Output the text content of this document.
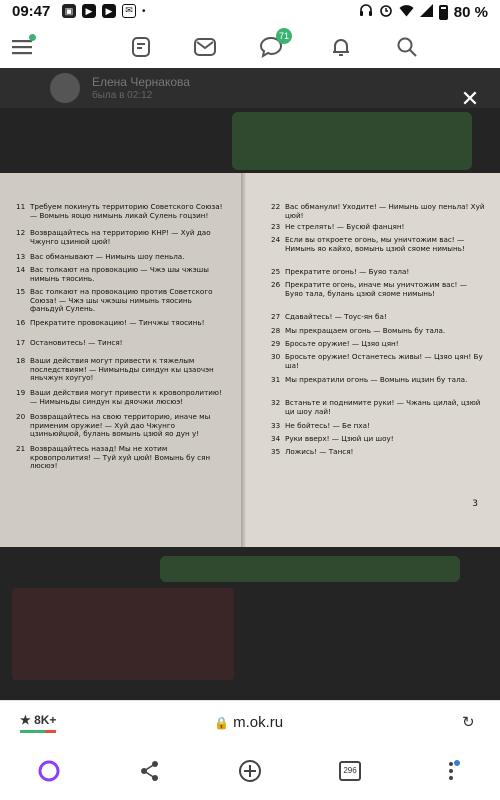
09:47	▣	▶	▶	✉ •	80 %
71
Елена Чернакова
была в 02:12	✕
11 Требуем покинуть территорию Советского Союза! — Вомынь яоцю нимынь ликай Сулень гоцзин!
12 Возвращайтесь на территорию КНР! — Хуй дао Чжунго цзинюй цюй!
13 Вас обманывают — Нимынь шоу пеньла.
14 Вас толкают на провокацию — Чжэ шы чжэшы нимынь тяосинь.
15 Вас толкают на провокацию против Советского Союза! — Чжэ шы чжэшы нимынь тяосинь фаньдуй Сулень.
16 Прекратите провокацию! — Тинчжы тяосинь!
17 Остановитесь! — Тинся!
18 Ваши действия могут привести к тяжелым последствиям! — Нимыньды синдун кы цзаочэн яньчжун хоугуо!
19 Ваши действия могут привести к кровопролитию! — Нимыньды синдун кы дяочжи люсюэ!
20 Возвращайтесь на свою территорию, иначе мы применим оружие! — Хуй дао Чжунго цзиньюйцюй, булань вомынь цзюй яо дун у!
21 Возвращайтесь назад! Мы не хотим кровопролития! — Туй хуй цюй! Вомынь бу сян люсюэ!
3
22 Вас обманули! Уходите! — Нимынь шоу пеньла! Хуй цюй!
23 Не стрелять! — Бусюй фанцян!
24 Если вы откроете огонь, мы уничтожим вас! — Нимынь яо кайхо, вомынь цзюй сяоме нимынь!
25 Прекратите огонь! — Буяо тала!
26 Прекратите огонь, иначе мы уничтожим вас! — Буяо тала, булань цзюй сяоме нимынь!
27 Сдавайтесь! — Тоус-ян ба!
28 Мы прекращаем огонь — Вомынь бу тала.
29 Бросьте оружие! — Цзяо цян!
30 Бросьте оружие! Останетесь живы! — Цзяо цян! Бу ша!
31 Мы прекратили огонь — Вомынь ицзин бу тала.
32 Встаньте и поднимите руки! — Чжань цилай, цзюй ци шоу лай!
33 Не бойтесь! — Бе пха!
34 Руки вверх! — Цзюй ци шоу!
35 Ложись! — Танся!
★ 8K+	🔒 m.ok.ru	↻
296
